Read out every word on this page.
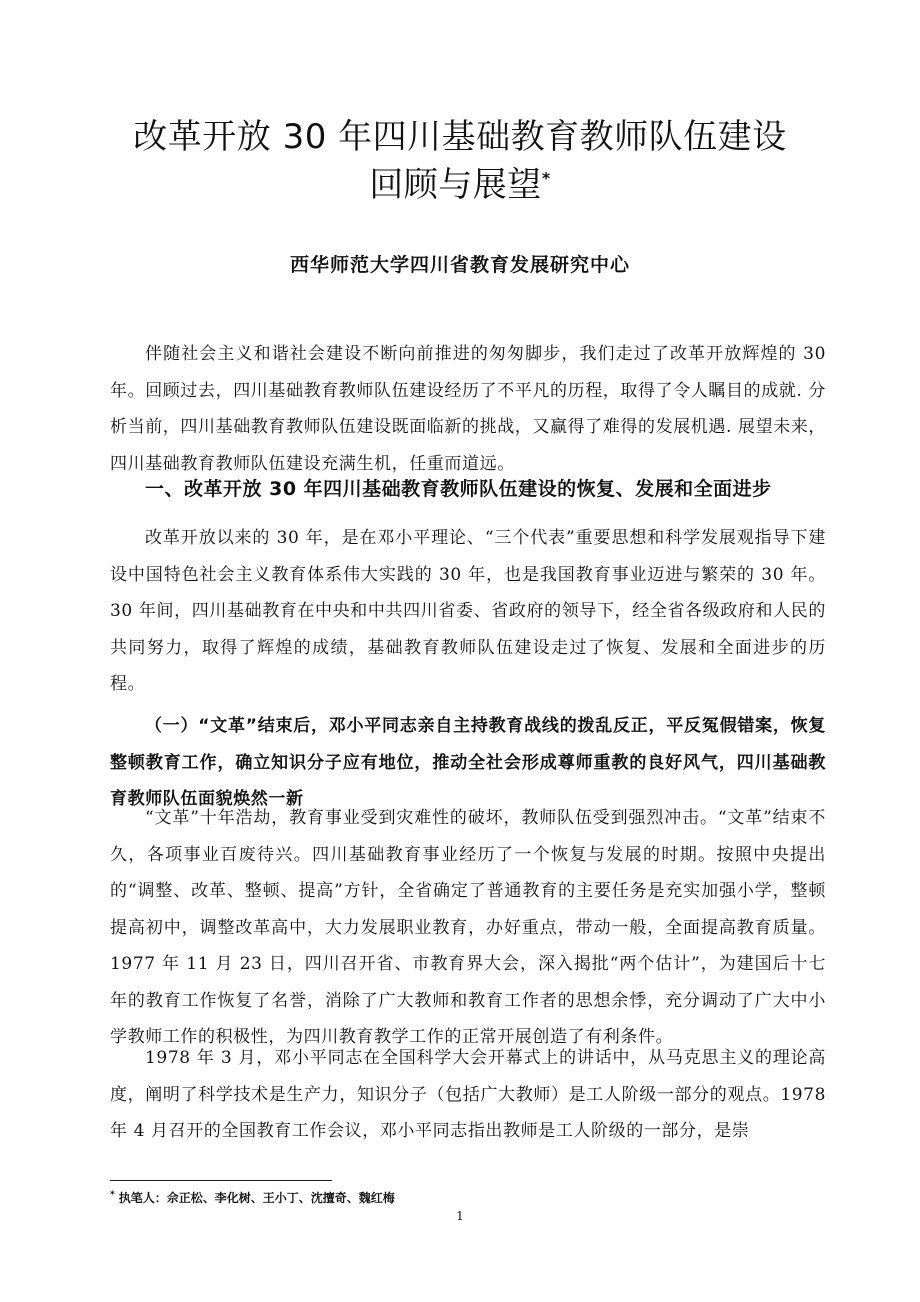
改革开放 30 年四川基础教育教师队伍建设
回顾与展望*
西华师范大学四川省教育发展研究中心

伴随社会主义和谐社会建设不断向前推进的匆匆脚步，我们走过了改革开放辉煌的 30 年。回顾过去，四川基础教育教师队伍建设经历了不平凡的历程，取得了令人瞩目的成就. 分析当前，四川基础教育教师队伍建设既面临新的挑战，又赢得了难得的发展机遇. 展望未来，四川基础教育教师队伍建设充满生机，任重而道远。

一、改革开放 30 年四川基础教育教师队伍建设的恢复、发展和全面进步

改革开放以来的 30 年，是在邓小平理论、“三个代表”重要思想和科学发展观指导下建设中国特色社会主义教育体系伟大实践的 30 年，也是我国教育事业迈进与繁荣的 30 年。30 年间，四川基础教育在中央和中共四川省委、省政府的领导下，经全省各级政府和人民的共同努力，取得了辉煌的成绩，基础教育教师队伍建设走过了恢复、发展和全面进步的历程。

（一）“文革”结束后，邓小平同志亲自主持教育战线的拨乱反正，平反冤假错案，恢复整顿教育工作，确立知识分子应有地位，推动全社会形成尊师重教的良好风气，四川基础教育教师队伍面貌焕然一新

“文革”十年浩劫，教育事业受到灾难性的破坏，教师队伍受到强烈冲击。“文革”结束不久，各项事业百废待兴。四川基础教育事业经历了一个恢复与发展的时期。按照中央提出的“调整、改革、整顿、提高”方针，全省确定了普通教育的主要任务是充实加强小学，整顿提高初中，调整改革高中，大力发展职业教育，办好重点，带动一般，全面提高教育质量。1977 年 11 月 23 日，四川召开省、市教育界大会，深入揭批“两个估计”，为建国后十七年的教育工作恢复了名誉，消除了广大教师和教育工作者的思想余悸，充分调动了广大中小学教师工作的积极性，为四川教育教学工作的正常开展创造了有利条件。

1978 年 3 月，邓小平同志在全国科学大会开幕式上的讲话中，从马克思主义的理论高度，阐明了科学技术是生产力，知识分子（包括广大教师）是工人阶级一部分的观点。1978 年 4 月召开的全国教育工作会议，邓小平同志指出教师是工人阶级的一部分，是崇

* 执笔人：佘正松、李化树、王小丁、沈擅奇、魏红梅
1
